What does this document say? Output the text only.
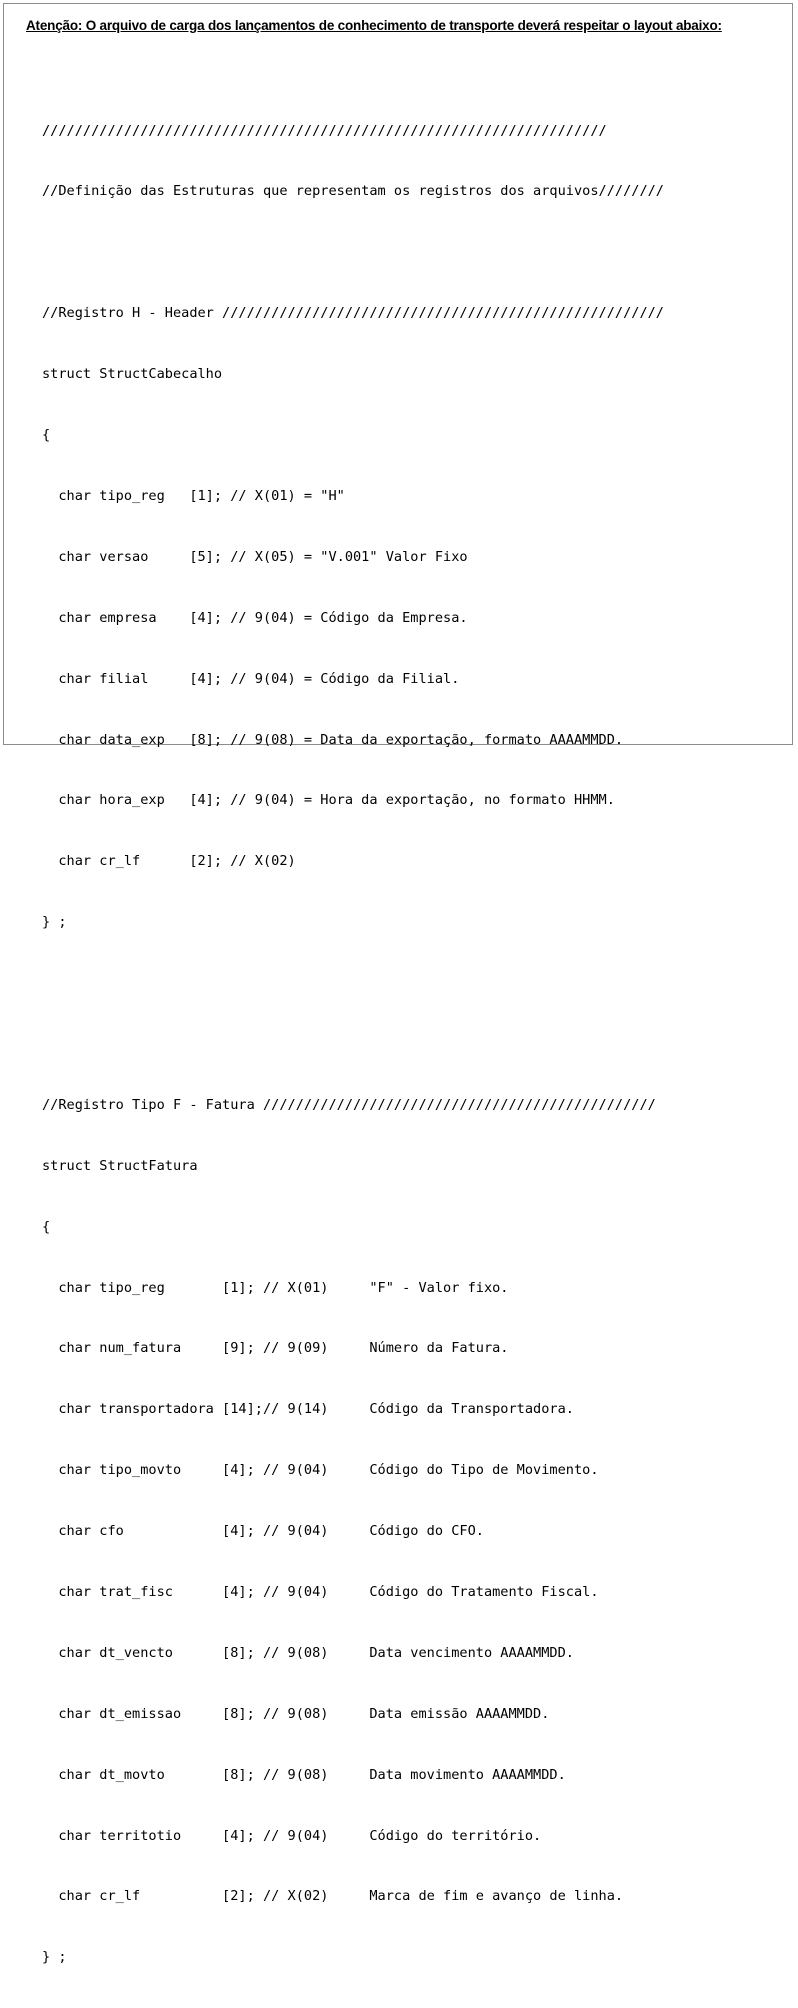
Atenção: O arquivo de carga dos lançamentos de conhecimento de transporte deverá respeitar o layout abaixo:

/////////////////////////////////////////////////////////////////////

//Definição das Estruturas que representam os registros dos arquivos////////

//Registro H - Header //////////////////////////////////////////////////////

struct StructCabecalho

{

char tipo_reg   [1]; // X(01) = "H"

char versao     [5]; // X(05) = "V.001" Valor Fixo

char empresa    [4]; // 9(04) = Código da Empresa.

char filial     [4]; // 9(04) = Código da Filial.

char data_exp   [8]; // 9(08) = Data da exportação, formato AAAAMMDD.

char hora_exp   [4]; // 9(04) = Hora da exportação, no formato HHMM.

char cr_lf      [2]; // X(02)

} ;

//Registro Tipo F - Fatura ////////////////////////////////////////////////

struct StructFatura

{

char tipo_reg       [1]; // X(01)     "F" - Valor fixo.

char num_fatura     [9]; // 9(09)     Número da Fatura.

char transportadora [14];// 9(14)     Código da Transportadora.

char tipo_movto     [4]; // 9(04)     Código do Tipo de Movimento.

char cfo            [4]; // 9(04)     Código do CFO.

char trat_fisc      [4]; // 9(04)     Código do Tratamento Fiscal.

char dt_vencto      [8]; // 9(08)     Data vencimento AAAAMMDD.

char dt_emissao     [8]; // 9(08)     Data emissão AAAAMMDD.

char dt_movto       [8]; // 9(08)     Data movimento AAAAMMDD.

char territotio     [4]; // 9(04)     Código do território.

char cr_lf          [2]; // X(02)     Marca de fim e avanço de linha.

} ;
